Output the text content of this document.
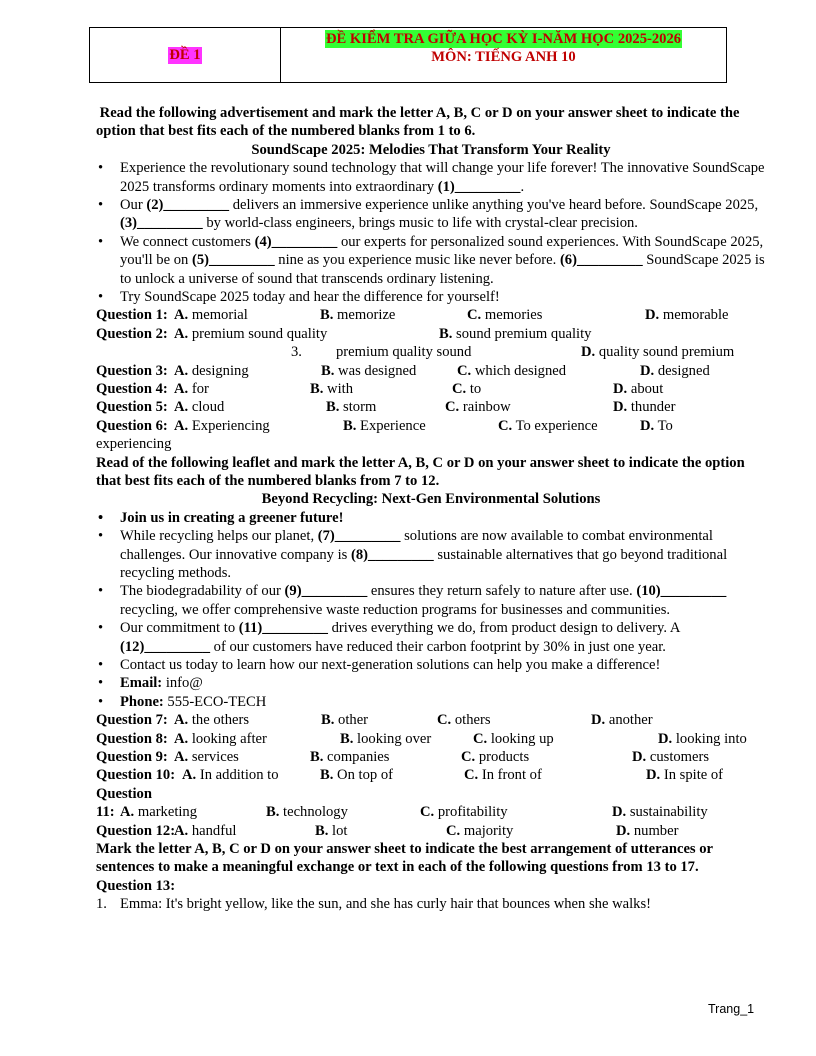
ĐỀ 1
ĐỀ KIỂM TRA GIỮA HỌC KỲ I-NĂM HỌC 2025-2026
MÔN: TIẾNG ANH 10
Read the following advertisement and mark the letter A, B, C or D on your answer sheet to indicate the option that best fits each of the numbered blanks from 1 to 6.
SoundScape 2025: Melodies That Transform Your Reality
• Experience the revolutionary sound technology that will change your life forever! The innovative SoundScape 2025 transforms ordinary moments into extraordinary (1)_________.
• Our (2)_________ delivers an immersive experience unlike anything you've heard before. SoundScape 2025, (3)_________ by world-class engineers, brings music to life with crystal-clear precision.
• We connect customers (4)_________ our experts for personalized sound experiences. With SoundScape 2025, you'll be on (5)_________ nine as you experience music like never before. (6)_________ SoundScape 2025 is to unlock a universe of sound that transcends ordinary listening.
• Try SoundScape 2025 today and hear the difference for yourself!
Question 1: A. memorial	B. memorize	C. memories	D. memorable
Question 2: A. premium sound quality	B. sound premium quality
3. premium quality sound	D. quality sound premium
Question 3: A. designing	B. was designed	C. which designed	D. designed
Question 4: A. for	B. with	C. to	D. about
Question 5: A. cloud	B. storm	C. rainbow	D. thunder
Question 6: A. Experiencing	B. Experience	C. To experience	D. To
experiencing
Read of the following leaflet and mark the letter A, B, C or D on your answer sheet to indicate the option that best fits each of the numbered blanks from 7 to 12.
Beyond Recycling: Next-Gen Environmental Solutions
• Join us in creating a greener future!
• While recycling helps our planet, (7)_________ solutions are now available to combat environmental challenges. Our innovative company is (8)_________ sustainable alternatives that go beyond traditional recycling methods.
• The biodegradability of our (9)_________ ensures they return safely to nature after use. (10)_________ recycling, we offer comprehensive waste reduction programs for businesses and communities.
• Our commitment to (11)_________ drives everything we do, from product design to delivery. A (12)_________ of our customers have reduced their carbon footprint by 30% in just one year.
• Contact us today to learn how our next-generation solutions can help you make a difference!
• Email: info@
• Phone: 555-ECO-TECH
Question 7: A. the others	B. other	C. others	D. another
Question 8: A. looking after	B. looking over	C. looking up	D. looking into
Question 9: A. services	B. companies	C. products	D. customers
Question 10: A. In addition to	B. On top of	C. In front of	D. In spite of
Question
11: A. marketing	B. technology	C. profitability	D. sustainability
Question 12:
A. handful	B. lot	C. majority	D. number
Mark the letter A, B, C or D on your answer sheet to indicate the best arrangement of utterances or sentences to make a meaningful exchange or text in each of the following questions from 13 to 17.
Question 13:
1. Emma: It's bright yellow, like the sun, and she has curly hair that bounces when she walks!
Trang_1
